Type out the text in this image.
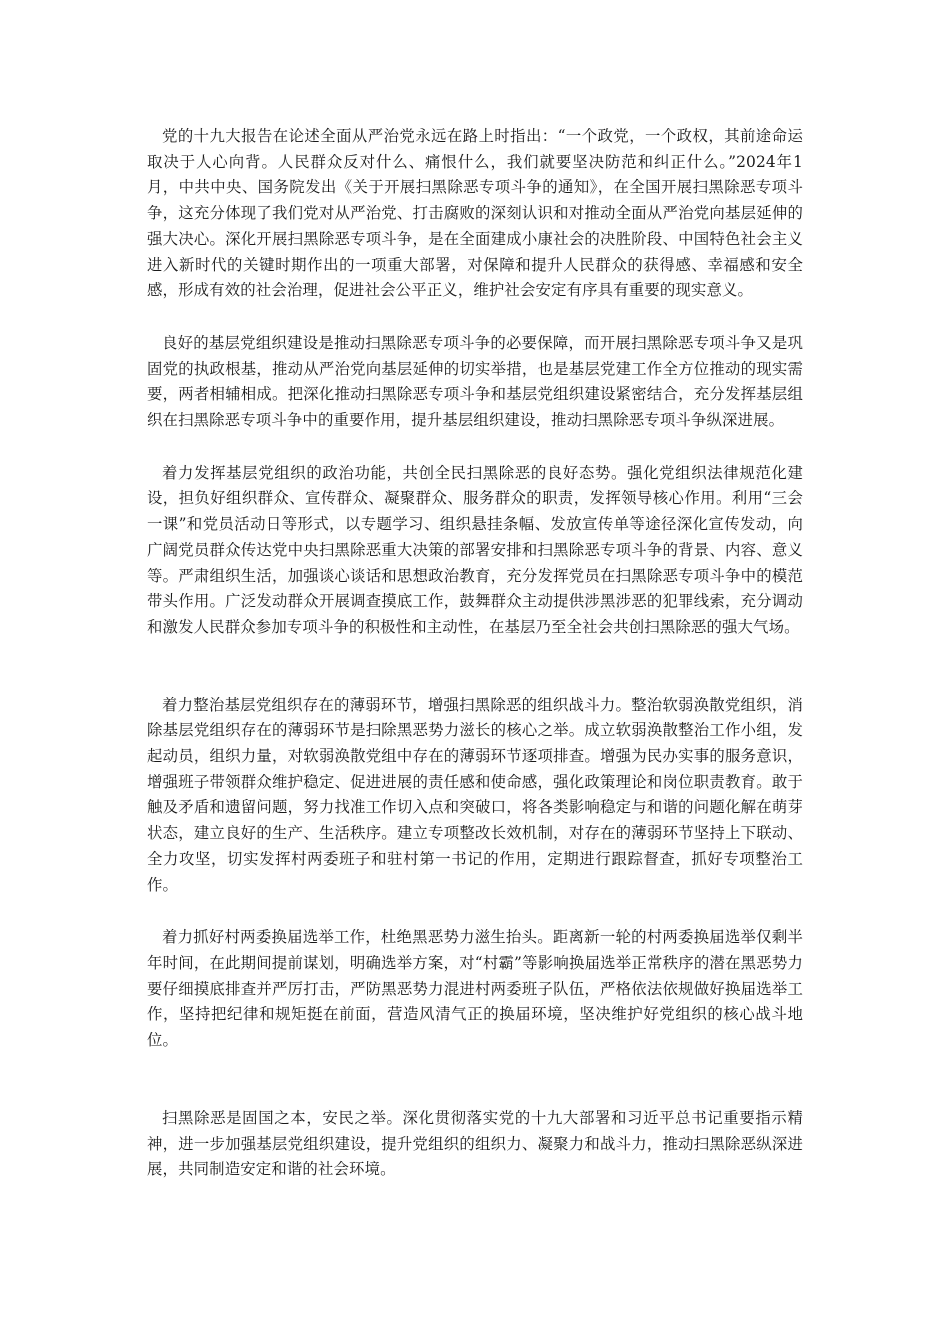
党的十九大报告在论述全面从严治党永远在路上时指出：“一个政党，一个政权，其前途命运取决于人心向背。人民群众反对什么、痛恨什么，我们就要坚决防范和纠正什么。”2024年1月，中共中央、国务院发出《关于开展扫黑除恶专项斗争的通知》，在全国开展扫黑除恶专项斗争，这充分体现了我们党对从严治党、打击腐败的深刻认识和对推动全面从严治党向基层延伸的强大决心。深化开展扫黑除恶专项斗争，是在全面建成小康社会的决胜阶段、中国特色社会主义进入新时代的关键时期作出的一项重大部署，对保障和提升人民群众的获得感、幸福感和安全感，形成有效的社会治理，促进社会公平正义，维护社会安定有序具有重要的现实意义。

良好的基层党组织建设是推动扫黑除恶专项斗争的必要保障，而开展扫黑除恶专项斗争又是巩固党的执政根基，推动从严治党向基层延伸的切实举措，也是基层党建工作全方位推动的现实需要，两者相辅相成。把深化推动扫黑除恶专项斗争和基层党组织建设紧密结合，充分发挥基层组织在扫黑除恶专项斗争中的重要作用，提升基层组织建设，推动扫黑除恶专项斗争纵深进展。

着力发挥基层党组织的政治功能，共创全民扫黑除恶的良好态势。强化党组织法律规范化建设，担负好组织群众、宣传群众、凝聚群众、服务群众的职责，发挥领导核心作用。利用“三会一课”和党员活动日等形式，以专题学习、组织悬挂条幅、发放宣传单等途径深化宣传发动，向广阔党员群众传达党中央扫黑除恶重大决策的部署安排和扫黑除恶专项斗争的背景、内容、意义等。严肃组织生活，加强谈心谈话和思想政治教育，充分发挥党员在扫黑除恶专项斗争中的模范带头作用。广泛发动群众开展调查摸底工作，鼓舞群众主动提供涉黑涉恶的犯罪线索，充分调动和激发人民群众参加专项斗争的积极性和主动性，在基层乃至全社会共创扫黑除恶的强大气场。

着力整治基层党组织存在的薄弱环节，增强扫黑除恶的组织战斗力。整治软弱涣散党组织，消除基层党组织存在的薄弱环节是扫除黑恶势力滋长的核心之举。成立软弱涣散整治工作小组，发起动员，组织力量，对软弱涣散党组中存在的薄弱环节逐项排查。增强为民办实事的服务意识，增强班子带领群众维护稳定、促进进展的责任感和使命感，强化政策理论和岗位职责教育。敢于触及矛盾和遗留问题，努力找准工作切入点和突破口，将各类影响稳定与和谐的问题化解在萌芽状态，建立良好的生产、生活秩序。建立专项整改长效机制，对存在的薄弱环节坚持上下联动、全力攻坚，切实发挥村两委班子和驻村第一书记的作用，定期进行跟踪督查，抓好专项整治工作。

着力抓好村两委换届选举工作，杜绝黑恶势力滋生抬头。距离新一轮的村两委换届选举仅剩半年时间，在此期间提前谋划，明确选举方案，对“村霸”等影响换届选举正常秩序的潜在黑恶势力要仔细摸底排查并严厉打击，严防黑恶势力混进村两委班子队伍，严格依法依规做好换届选举工作，坚持把纪律和规矩挺在前面，营造风清气正的换届环境，坚决维护好党组织的核心战斗地位。

扫黑除恶是固国之本，安民之举。深化贯彻落实党的十九大部署和习近平总书记重要指示精神，进一步加强基层党组织建设，提升党组织的组织力、凝聚力和战斗力，推动扫黑除恶纵深进展，共同制造安定和谐的社会环境。
